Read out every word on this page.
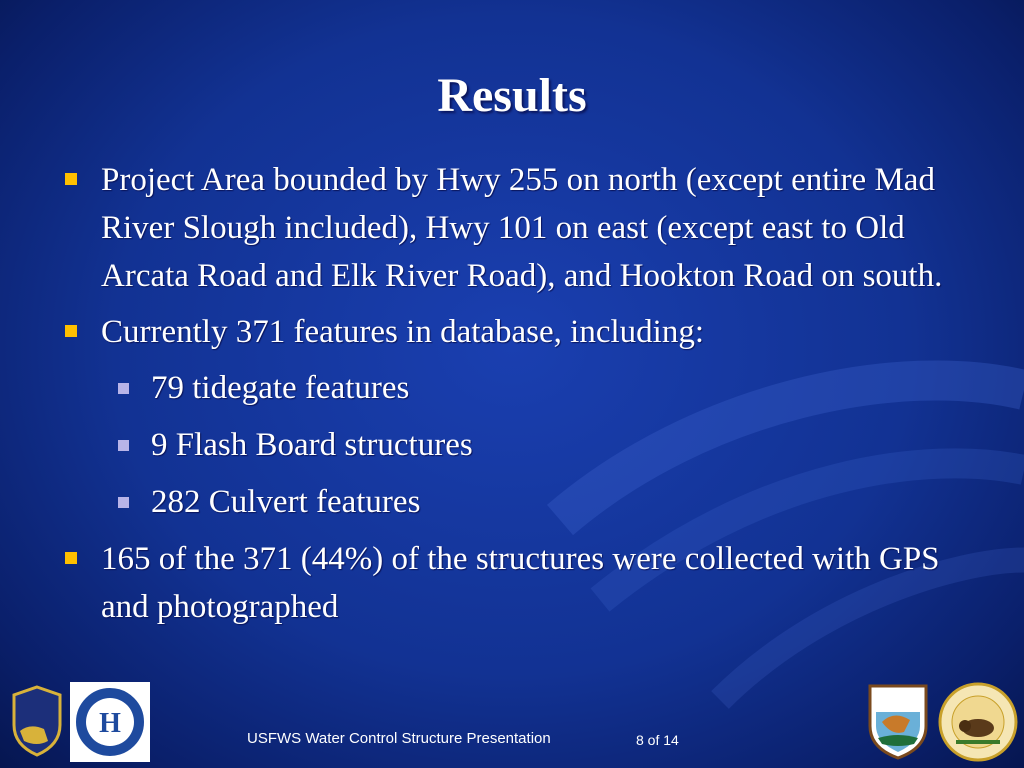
Results
Project Area bounded by Hwy 255 on north (except entire Mad River Slough included), Hwy 101 on east (except east to Old Arcata Road and Elk River Road), and Hookton Road on south.
Currently 371 features in database, including:
79 tidegate features
9 Flash Board structures
282 Culvert features
165 of the 371 (44%) of the structures were collected with GPS and photographed
H	USFWS Water Control Structure Presentation	8 of 14
